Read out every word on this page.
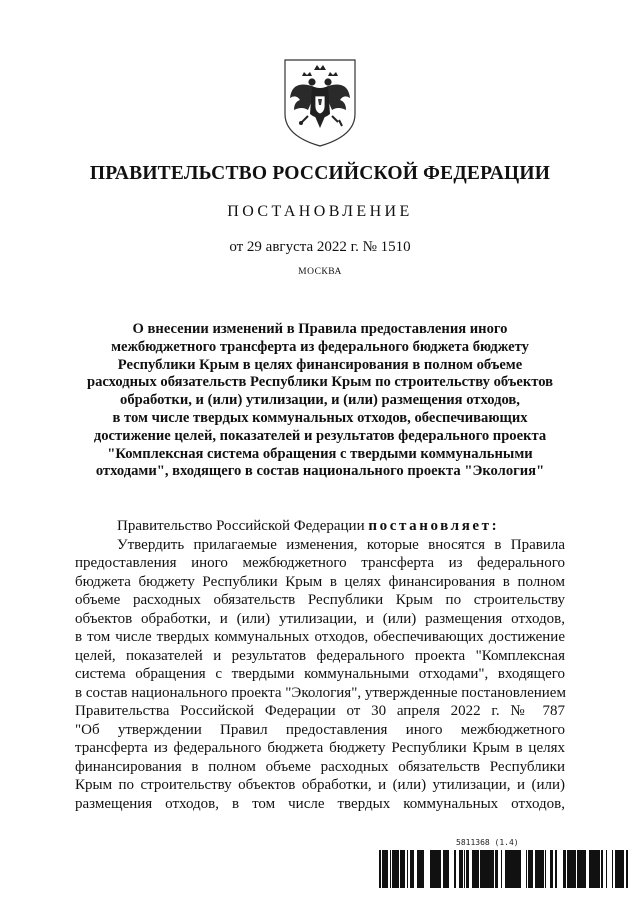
ПРАВИТЕЛЬСТВО РОССИЙСКОЙ ФЕДЕРАЦИИ
ПОСТАНОВЛЕНИЕ
от 29 августа 2022 г. № 1510
МОСКВА
О внесении изменений в Правила предоставления иного
межбюджетного трансферта из федерального бюджета бюджету
Республики Крым в целях финансирования в полном объеме
расходных обязательств Республики Крым по строительству объектов
обработки, и (или) утилизации, и (или) размещения отходов,
в том числе твердых коммунальных отходов, обеспечивающих
достижение целей, показателей и результатов федерального проекта
"Комплексная система обращения с твердыми коммунальными
отходами", входящего в состав национального проекта "Экология"
Правительство Российской Федерации постановляет:
Утвердить прилагаемые изменения, которые вносятся в Правила
предоставления иного межбюджетного трансферта из федерального
бюджета бюджету Республики Крым в целях финансирования в полном
объеме расходных обязательств Республики Крым по строительству
объектов обработки, и (или) утилизации, и (или) размещения отходов,
в том числе твердых коммунальных отходов, обеспечивающих достижение
целей, показателей и результатов федерального проекта "Комплексная
система обращения с твердыми коммунальными отходами", входящего
в состав национального проекта "Экология", утвержденные постановлением
Правительства Российской Федерации от 30 апреля 2022 г. № 787
"Об утверждении Правил предоставления иного межбюджетного
трансферта из федерального бюджета бюджету Республики Крым в целях
финансирования в полном объеме расходных обязательств Республики
Крым по строительству объектов обработки, и (или) утилизации, и (или)
размещения отходов, в том числе твердых коммунальных отходов,
5811368 (1.4)
